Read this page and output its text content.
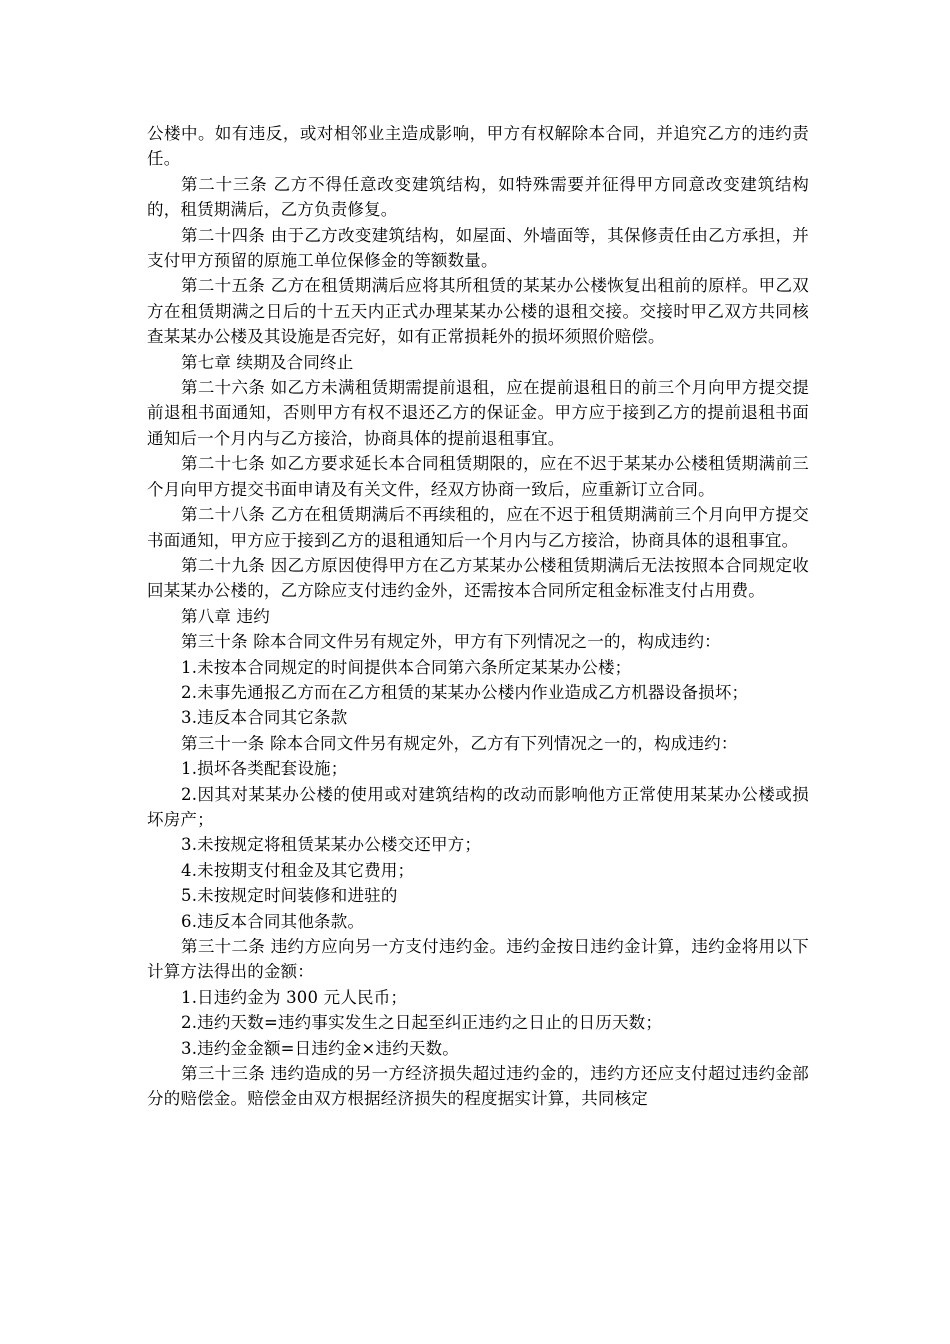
公楼中。如有违反，或对相邻业主造成影响，甲方有权解除本合同，并追究乙方的违约责任。

第二十三条 乙方不得任意改变建筑结构，如特殊需要并征得甲方同意改变建筑结构的，租赁期满后，乙方负责修复。

第二十四条 由于乙方改变建筑结构，如屋面、外墙面等，其保修责任由乙方承担，并支付甲方预留的原施工单位保修金的等额数量。

第二十五条 乙方在租赁期满后应将其所租赁的某某办公楼恢复出租前的原样。甲乙双方在租赁期满之日后的十五天内正式办理某某办公楼的退租交接。交接时甲乙双方共同核查某某办公楼及其设施是否完好，如有正常损耗外的损坏须照价赔偿。

第七章 续期及合同终止

第二十六条 如乙方未满租赁期需提前退租，应在提前退租日的前三个月向甲方提交提前退租书面通知，否则甲方有权不退还乙方的保证金。甲方应于接到乙方的提前退租书面通知后一个月内与乙方接洽，协商具体的提前退租事宜。

第二十七条 如乙方要求延长本合同租赁期限的，应在不迟于某某办公楼租赁期满前三个月向甲方提交书面申请及有关文件，经双方协商一致后，应重新订立合同。

第二十八条 乙方在租赁期满后不再续租的，应在不迟于租赁期满前三个月向甲方提交书面通知，甲方应于接到乙方的退租通知后一个月内与乙方接洽，协商具体的退租事宜。

第二十九条 因乙方原因使得甲方在乙方某某办公楼租赁期满后无法按照本合同规定收回某某办公楼的，乙方除应支付违约金外，还需按本合同所定租金标准支付占用费。

第八章 违约

第三十条 除本合同文件另有规定外，甲方有下列情况之一的，构成违约：

1.未按本合同规定的时间提供本合同第六条所定某某办公楼；

2.未事先通报乙方而在乙方租赁的某某办公楼内作业造成乙方机器设备损坏；

3.违反本合同其它条款

第三十一条 除本合同文件另有规定外，乙方有下列情况之一的，构成违约：

1.损坏各类配套设施；

2.因其对某某办公楼的使用或对建筑结构的改动而影响他方正常使用某某办公楼或损坏房产；

3.未按规定将租赁某某办公楼交还甲方；

4.未按期支付租金及其它费用；

5.未按规定时间装修和进驻的

6.违反本合同其他条款。

第三十二条 违约方应向另一方支付违约金。违约金按日违约金计算，违约金将用以下计算方法得出的金额：

1.日违约金为 300 元人民币；

2.违约天数=违约事实发生之日起至纠正违约之日止的日历天数；

3.违约金金额=日违约金×违约天数。

第三十三条 违约造成的另一方经济损失超过违约金的，违约方还应支付超过违约金部分的赔偿金。赔偿金由双方根据经济损失的程度据实计算，共同核定
